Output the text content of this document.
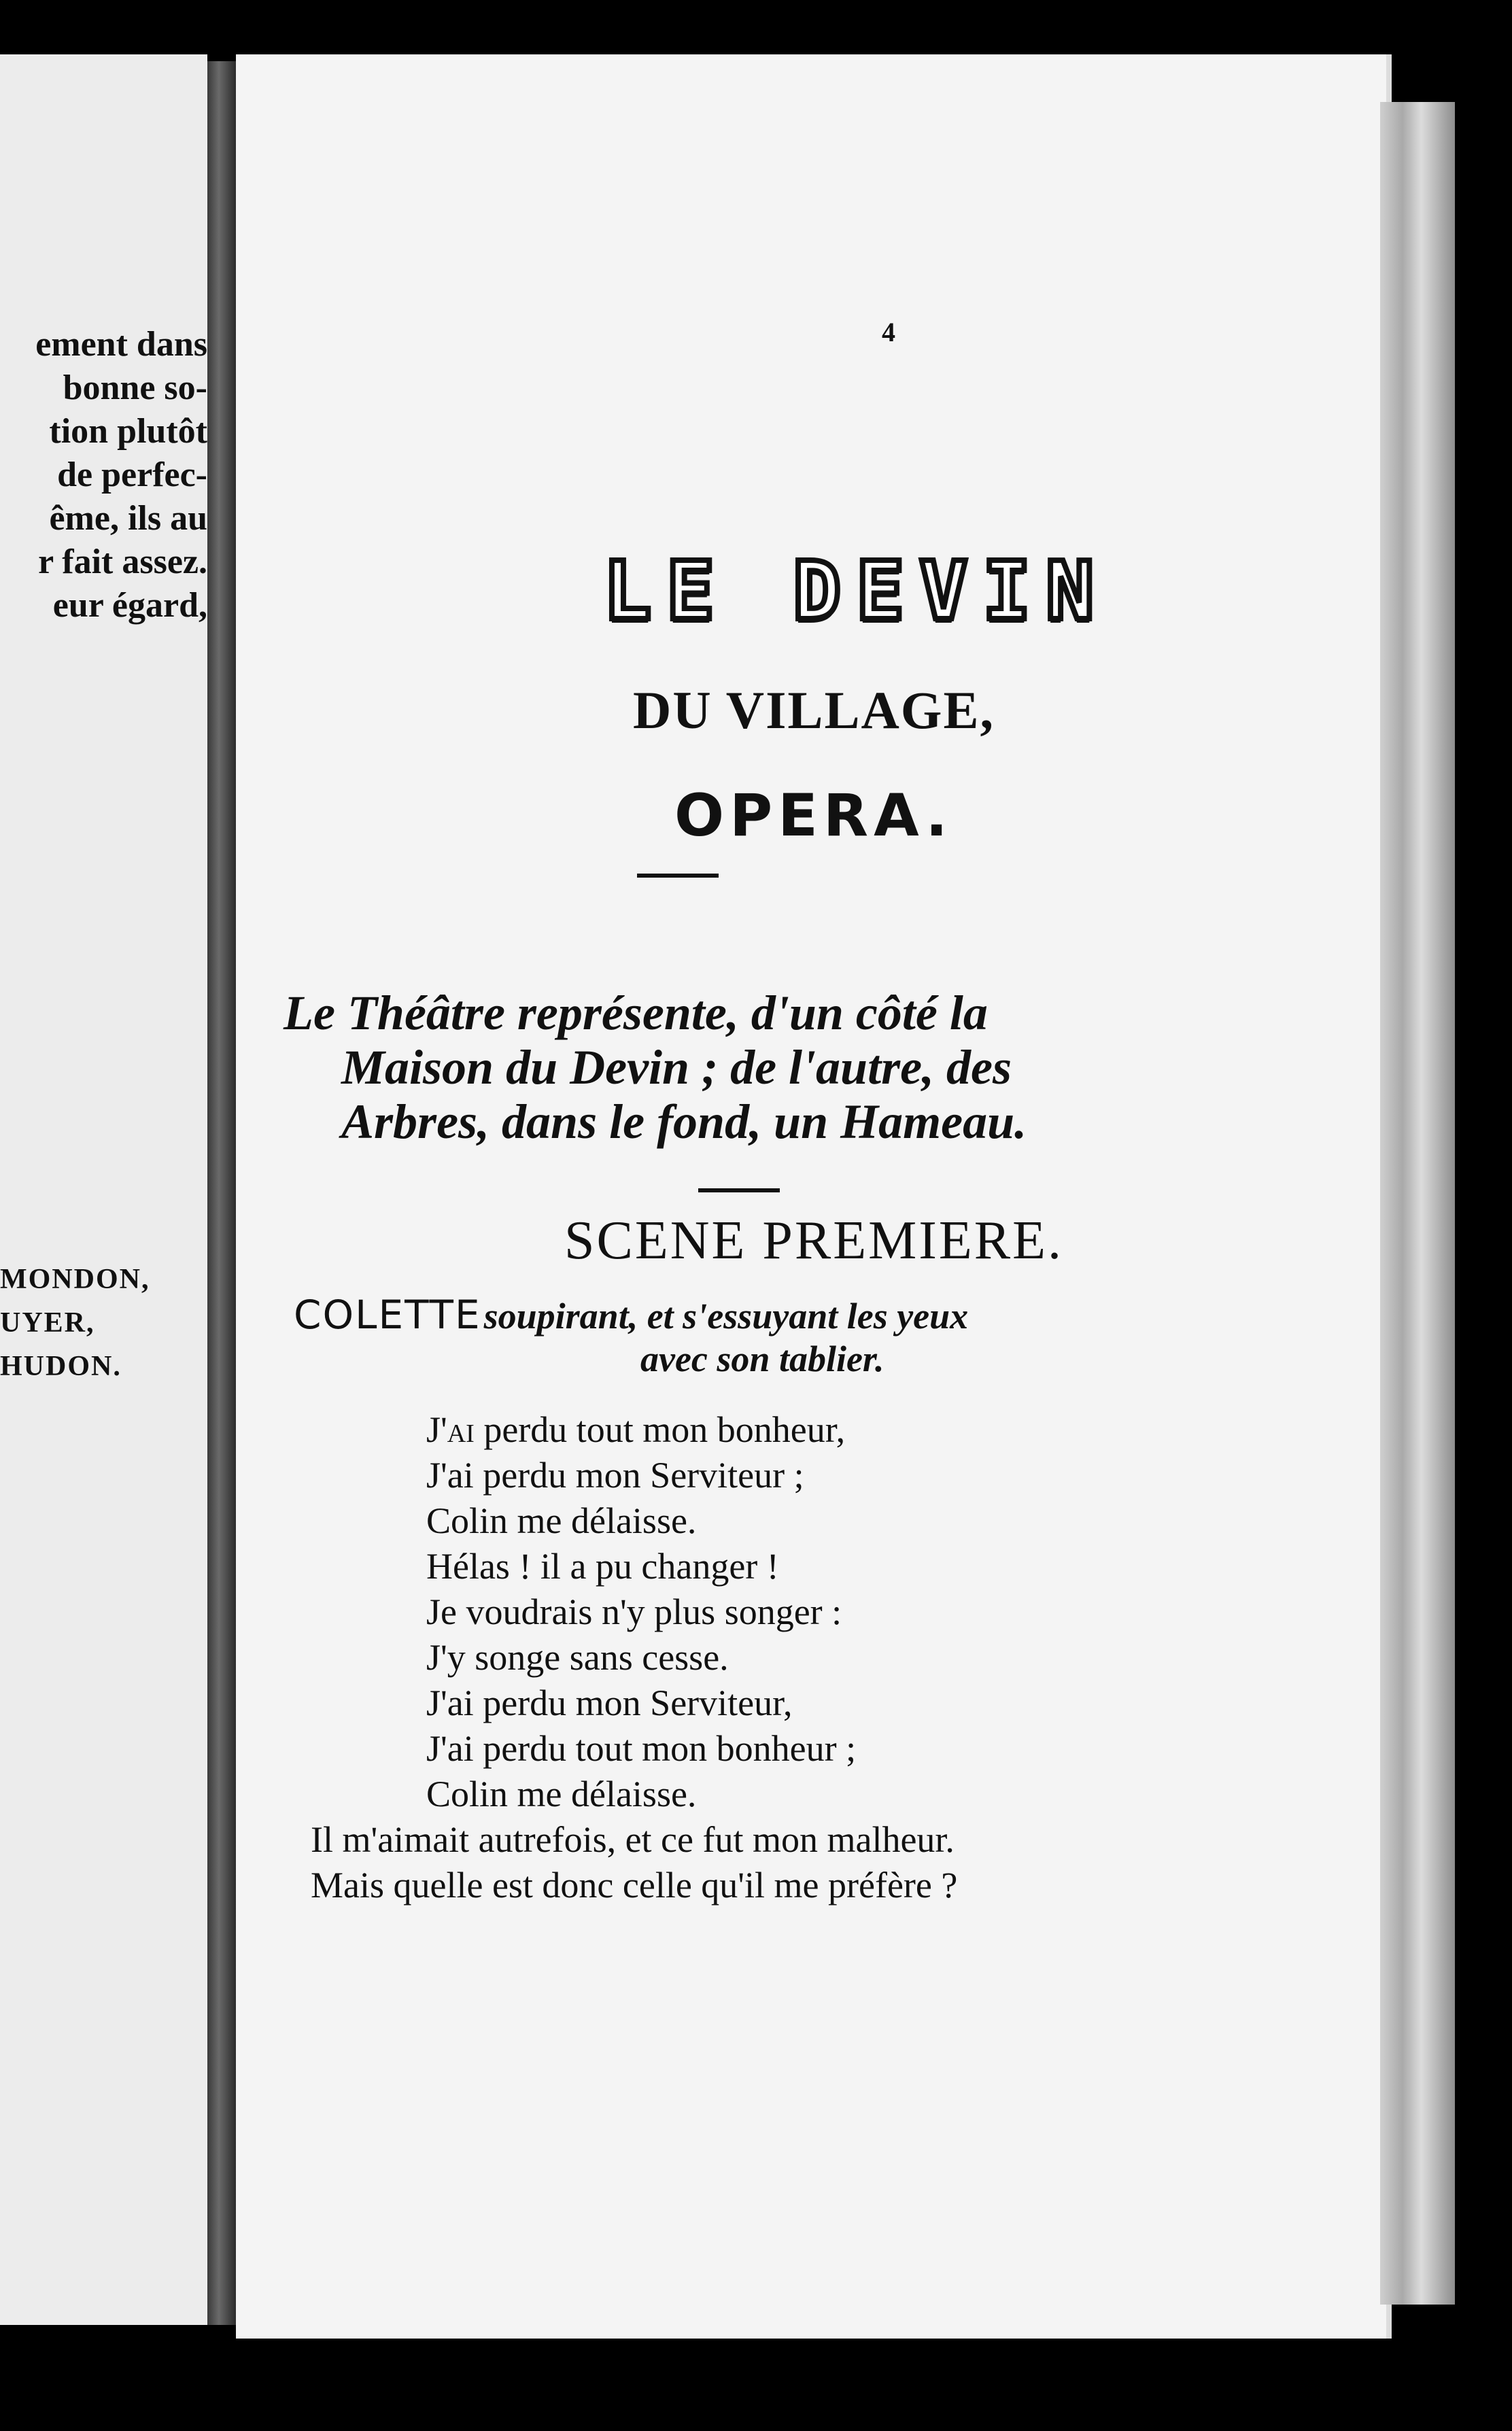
ement dans
bonne so-
tion plutôt
de perfec-
ême, ils au
r fait assez.
eur égard,
MONDON,
UYER,
HUDON.
4
LE DEVIN
DU VILLAGE,
OPERA.
Le Théâtre représente, d'un côté la
Maison du Devin ; de l'autre, des
Arbres, dans le fond, un Hameau.
SCENE PREMIERE.
COLETTE soupirant, et s'essuyant les yeux
avec son tablier.
J'ai perdu tout mon bonheur,
J'ai perdu mon Serviteur ;
Colin me délaisse.
Hélas ! il a pu changer !
Je voudrais n'y plus songer :
J'y songe sans cesse.
J'ai perdu mon Serviteur,
J'ai perdu tout mon bonheur ;
Colin me délaisse.
Il m'aimait autrefois, et ce fut mon malheur.
Mais quelle est donc celle qu'il me préfère ?
